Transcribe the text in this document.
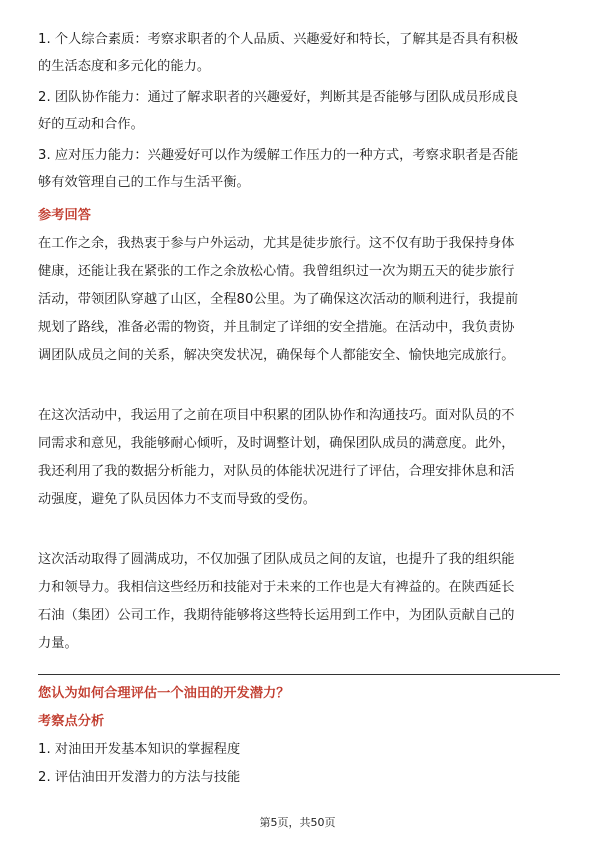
1. 个人综合素质：考察求职者的个人品质、兴趣爱好和特长，了解其是否具有积极
的生活态度和多元化的能力。
2. 团队协作能力：通过了解求职者的兴趣爱好，判断其是否能够与团队成员形成良
好的互动和合作。
3. 应对压力能力：兴趣爱好可以作为缓解工作压力的一种方式，考察求职者是否能
够有效管理自己的工作与生活平衡。
参考回答
在工作之余，我热衷于参与户外运动，尤其是徒步旅行。这不仅有助于我保持身体
健康，还能让我在紧张的工作之余放松心情。我曾组织过一次为期五天的徒步旅行
活动，带领团队穿越了山区，全程80公里。为了确保这次活动的顺利进行，我提前
规划了路线，准备必需的物资，并且制定了详细的安全措施。在活动中，我负责协
调团队成员之间的关系，解决突发状况，确保每个人都能安全、愉快地完成旅行。
在这次活动中，我运用了之前在项目中积累的团队协作和沟通技巧。面对队员的不
同需求和意见，我能够耐心倾听，及时调整计划，确保团队成员的满意度。此外，
我还利用了我的数据分析能力，对队员的体能状况进行了评估，合理安排休息和活
动强度，避免了队员因体力不支而导致的受伤。
这次活动取得了圆满成功，不仅加强了团队成员之间的友谊，也提升了我的组织能
力和领导力。我相信这些经历和技能对于未来的工作也是大有裨益的。在陕西延长
石油（集团）公司工作，我期待能够将这些特长运用到工作中，为团队贡献自己的
力量。
您认为如何合理评估一个油田的开发潜力？
考察点分析
1. 对油田开发基本知识的掌握程度
2. 评估油田开发潜力的方法与技能
第5页，共50页
